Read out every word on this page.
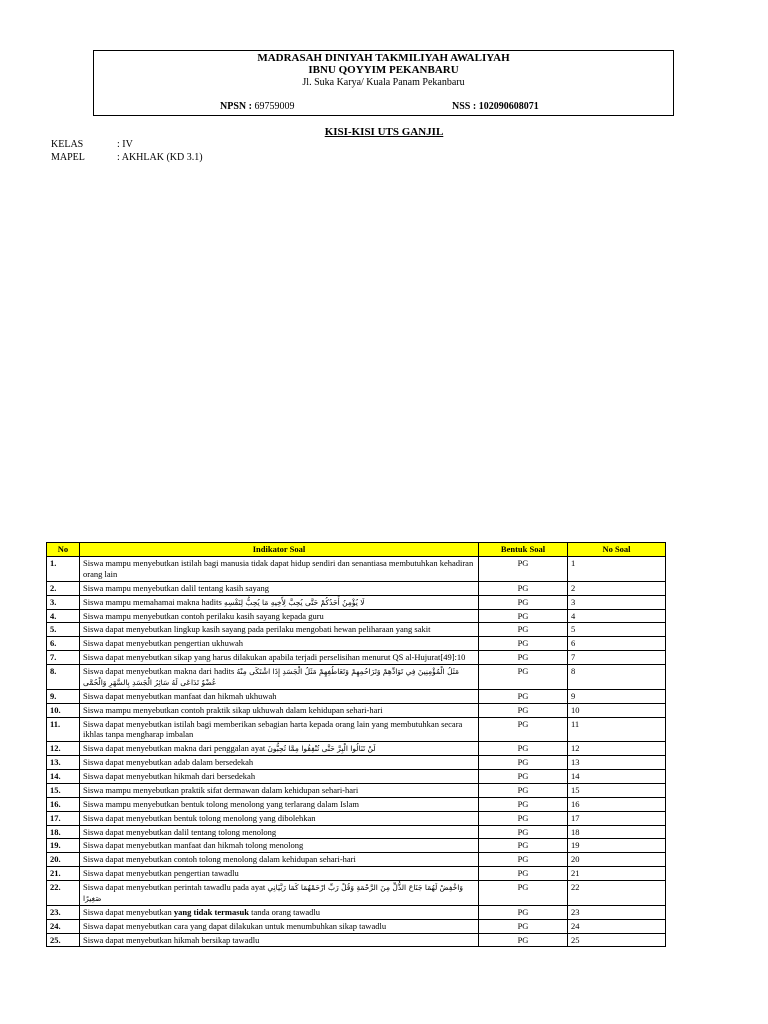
MADRASAH DINIYAH TAKMILIYAH AWALIYAH
IBNU QOYYIM PEKANBARU
Jl. Suka Karya/ Kuala Panam Pekanbaru
NPSN : 69759009	NSS : 102090608071
KISI-KISI UTS GANJIL
KELAS	: IV
MAPEL	: AKHLAK (KD 3.1)
No	Indikator Soal	Bentuk Soal	No Soal
1.	Siswa mampu menyebutkan istilah bagi manusia tidak dapat hidup sendiri dan senantiasa membutuhkan kehadiran orang lain	PG	1
2.	Siswa mampu menyebutkan dalil tentang kasih sayang	PG	2
3.	Siswa mampu memahamai makna hadits لَا يُؤْمِنُ أَحَدُكُمْ حَتَّى يُحِبَّ لِأَخِيهِ مَا يُحِبُّ لِنَفْسِهِ	PG	3
4.	Siswa mampu menyebutkan contoh perilaku kasih sayang kepada guru	PG	4
5.	Siswa dapat menyebutkan lingkup kasih sayang pada perilaku mengobati hewan peliharaan yang sakit	PG	5
6.	Siswa dapat menyebutkan pengertian ukhuwah	PG	6
7.	Siswa dapat menyebutkan sikap yang harus dilakukan apabila terjadi perselisihan menurut QS al-Hujurat[49]:10	PG	7
8.	Siswa dapat menyebutkan makna dari hadits مَثَلُ الْمُؤْمِنِينَ فِي تَوَادِّهِمْ وَتَرَاحُمِهِمْ وَتَعَاطُفِهِمْ مَثَلُ الْجَسَدِ إِذَا اشْتَكَى مِنْهُ عُضْوٌ تَدَاعَى لَهُ سَائِرُ الْجَسَدِ بِالسَّهَرِ وَالْحُمَّى	PG	8
9.	Siswa dapat menyebutkan manfaat dan hikmah ukhuwah	PG	9
10.	Siswa mampu menyebutkan contoh praktik sikap ukhuwah dalam kehidupan sehari-hari	PG	10
11.	Siswa dapat menyebutkan istilah bagi memberikan sebagian harta kepada orang lain yang membutuhkan secara ikhlas tanpa mengharap imbalan	PG	11
12.	Siswa dapat menyebutkan makna dari penggalan ayat لَنْ تَنَالُوا الْبِرَّ حَتَّى تُنْفِقُوا مِمَّا تُحِبُّونَ	PG	12
13.	Siswa dapat menyebutkan adab dalam bersedekah	PG	13
14.	Siswa dapat menyebutkan hikmah dari bersedekah	PG	14
15.	Siswa mampu menyebutkan praktik sifat dermawan dalam kehidupan sehari-hari	PG	15
16.	Siswa mampu menyebutkan bentuk tolong menolong yang terlarang dalam Islam	PG	16
17.	Siswa dapat menyebutkan bentuk tolong menolong yang dibolehkan	PG	17
18.	Siswa dapat menyebutkan dalil tentang tolong menolong	PG	18
19.	Siswa dapat menyebutkan manfaat dan hikmah tolong menolong	PG	19
20.	Siswa dapat menyebutkan contoh tolong menolong dalam kehidupan sehari-hari	PG	20
21.	Siswa dapat menyebutkan pengertian tawadlu	PG	21
22.	Siswa dapat menyebutkan perintah tawadlu pada ayat وَاخْفِضْ لَهُمَا جَنَاحَ الذُّلِّ مِنَ الرَّحْمَةِ وَقُلْ رَبِّ ارْحَمْهُمَا كَمَا رَبَّيَانِي صَغِيرًا	PG	22
23.	Siswa dapat menyebutkan yang tidak termasuk tanda orang tawadlu	PG	23
24.	Siswa dapat menyebutkan cara yang dapat dilakukan untuk menumbuhkan sikap tawadlu	PG	24
25.	Siswa dapat menyebutkan hikmah bersikap tawadlu	PG	25
